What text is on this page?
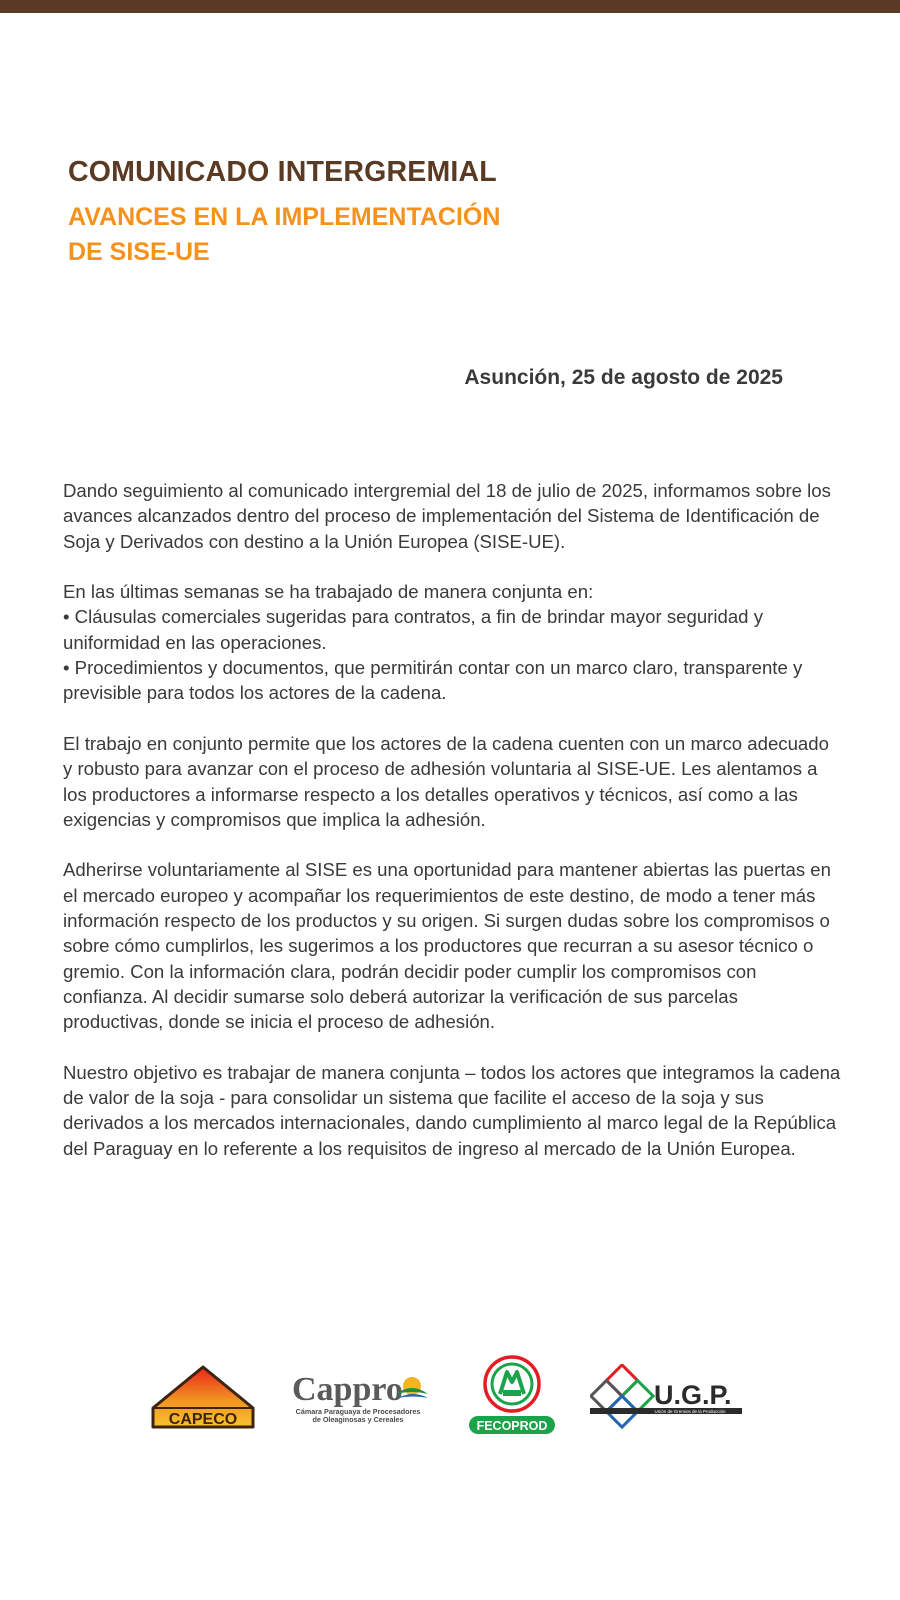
COMUNICADO INTERGREMIAL
AVANCES EN LA IMPLEMENTACIÓN
DE SISE-UE
Asunción, 25 de agosto de 2025

Dando seguimiento al comunicado intergremial del 18 de julio de 2025, informamos sobre los avances alcanzados dentro del proceso de implementación del Sistema de Identificación de Soja y Derivados con destino a la Unión Europea (SISE-UE).

En las últimas semanas se ha trabajado de manera conjunta en:
• Cláusulas comerciales sugeridas para contratos, a fin de brindar mayor seguridad y uniformidad en las operaciones.
• Procedimientos y documentos, que permitirán contar con un marco claro, transparente y previsible para todos los actores de la cadena.

El trabajo en conjunto permite que los actores de la cadena cuenten con un marco adecuado y robusto para avanzar con el proceso de adhesión voluntaria al SISE-UE. Les alentamos a los productores a informarse respecto a los detalles operativos y técnicos, así como a las exigencias y compromisos que implica la adhesión.

Adherirse voluntariamente al SISE es una oportunidad para mantener abiertas las puertas en el mercado europeo y acompañar los requerimientos de este destino, de modo a tener más información respecto de los productos y su origen. Si surgen dudas sobre los compromisos o sobre cómo cumplirlos, les sugerimos a los productores que recurran a su asesor técnico o gremio. Con la información clara, podrán decidir poder cumplir los compromisos con confianza. Al decidir sumarse solo deberá autorizar la verificación de sus parcelas productivas, donde se inicia el proceso de adhesión.

Nuestro objetivo es trabajar de manera conjunta – todos los actores que integramos la cadena de valor de la soja - para consolidar un sistema que facilite el acceso de la soja y sus derivados a los mercados internacionales, dando cumplimiento al marco legal de la República del Paraguay en lo referente a los requisitos de ingreso al mercado de la Unión Europea.

CAPECO
Cappro
Cámara Paraguaya de Procesadores
de Oleaginosas y Cereales	FECOPROD
U.G.P.
Unión de Gremios de la Producción
